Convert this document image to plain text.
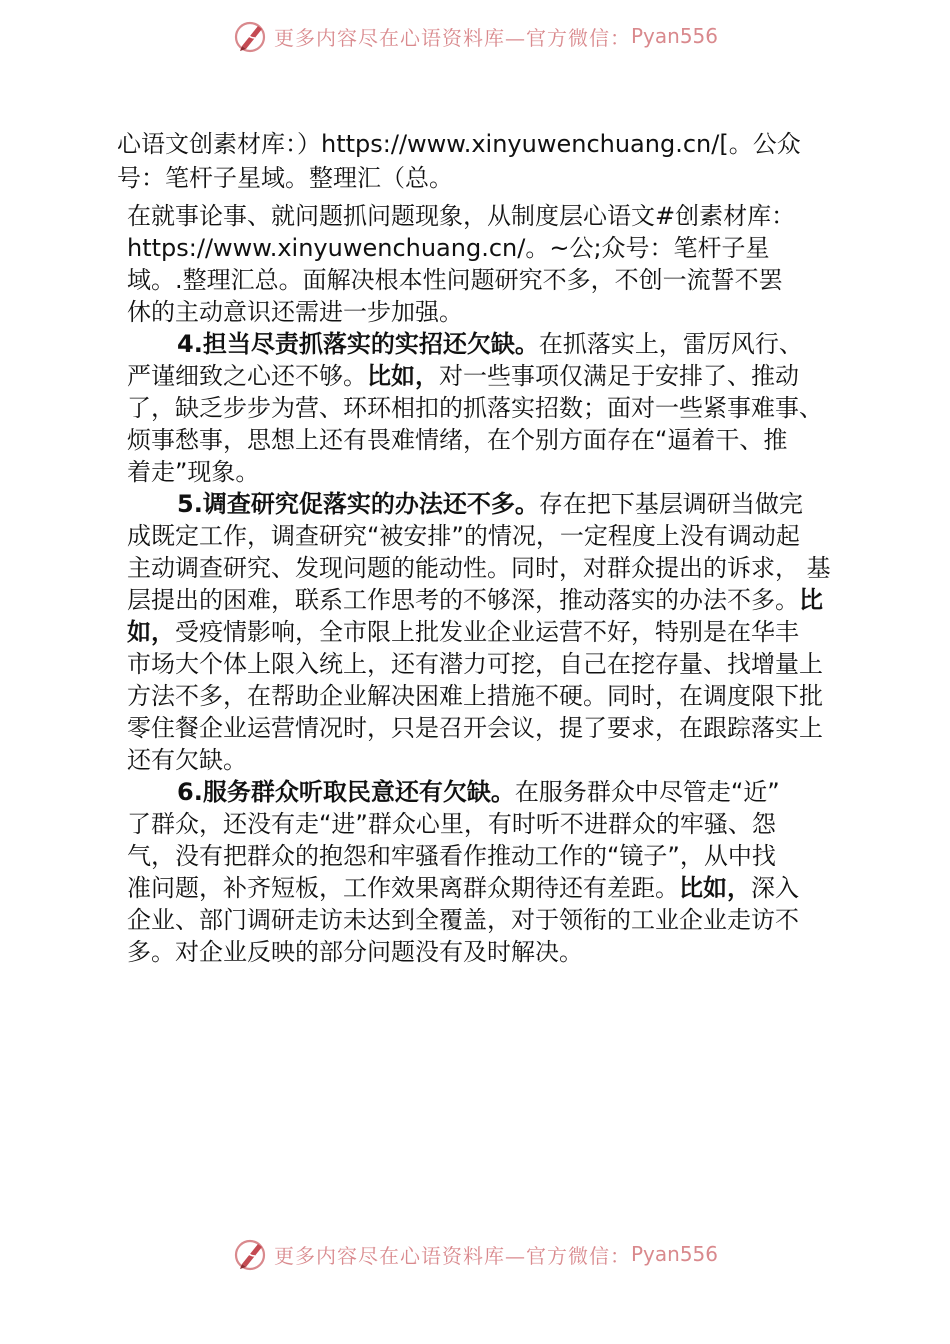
更多内容尽在心语资料库—官方微信： Pyan556
心语文创素材库：）https://www.xinyuwenchuang.cn/[。公众
号：笔杆子星域。整理汇（总。
在就事论事、就问题抓问题现象，从制度层心语文#创素材库：
https://www.xinyuwenchuang.cn/。~公;众号：笔杆子星
域。.整理汇总。面解决根本性问题研究不多，不创一流誓不罢
休的主动意识还需进一步加强。
4.担当尽责抓落实的实招还欠缺。在抓落实上，雷厉风行、
严谨细致之心还不够。比如，对一些事项仅满足于安排了、推动
了，缺乏步步为营、环环相扣的抓落实招数；面对一些紧事难事、
烦事愁事，思想上还有畏难情绪，在个别方面存在“逼着干、推
着走”现象。
5.调查研究促落实的办法还不多。存在把下基层调研当做完
成既定工作，调查研究“被安排”的情况，一定程度上没有调动起
主动调查研究、发现问题的能动性。同时，对群众提出的诉求， 基
层提出的困难，联系工作思考的不够深，推动落实的办法不多。比
如，受疫情影响，全市限上批发业企业运营不好，特别是在华丰
市场大个体上限入统上，还有潜力可挖，自己在挖存量、找增量上
方法不多，在帮助企业解决困难上措施不硬。同时，在调度限下批
零住餐企业运营情况时，只是召开会议，提了要求，在跟踪落实上
还有欠缺。
6.服务群众听取民意还有欠缺。在服务群众中尽管走“近”
了群众，还没有走“进”群众心里，有时听不进群众的牢骚、怨
气，没有把群众的抱怨和牢骚看作推动工作的“镜子”，从中找
准问题，补齐短板，工作效果离群众期待还有差距。比如，深入
企业、部门调研走访未达到全覆盖，对于领衔的工业企业走访不
多。对企业反映的部分问题没有及时解决。
更多内容尽在心语资料库—官方微信： Pyan556
